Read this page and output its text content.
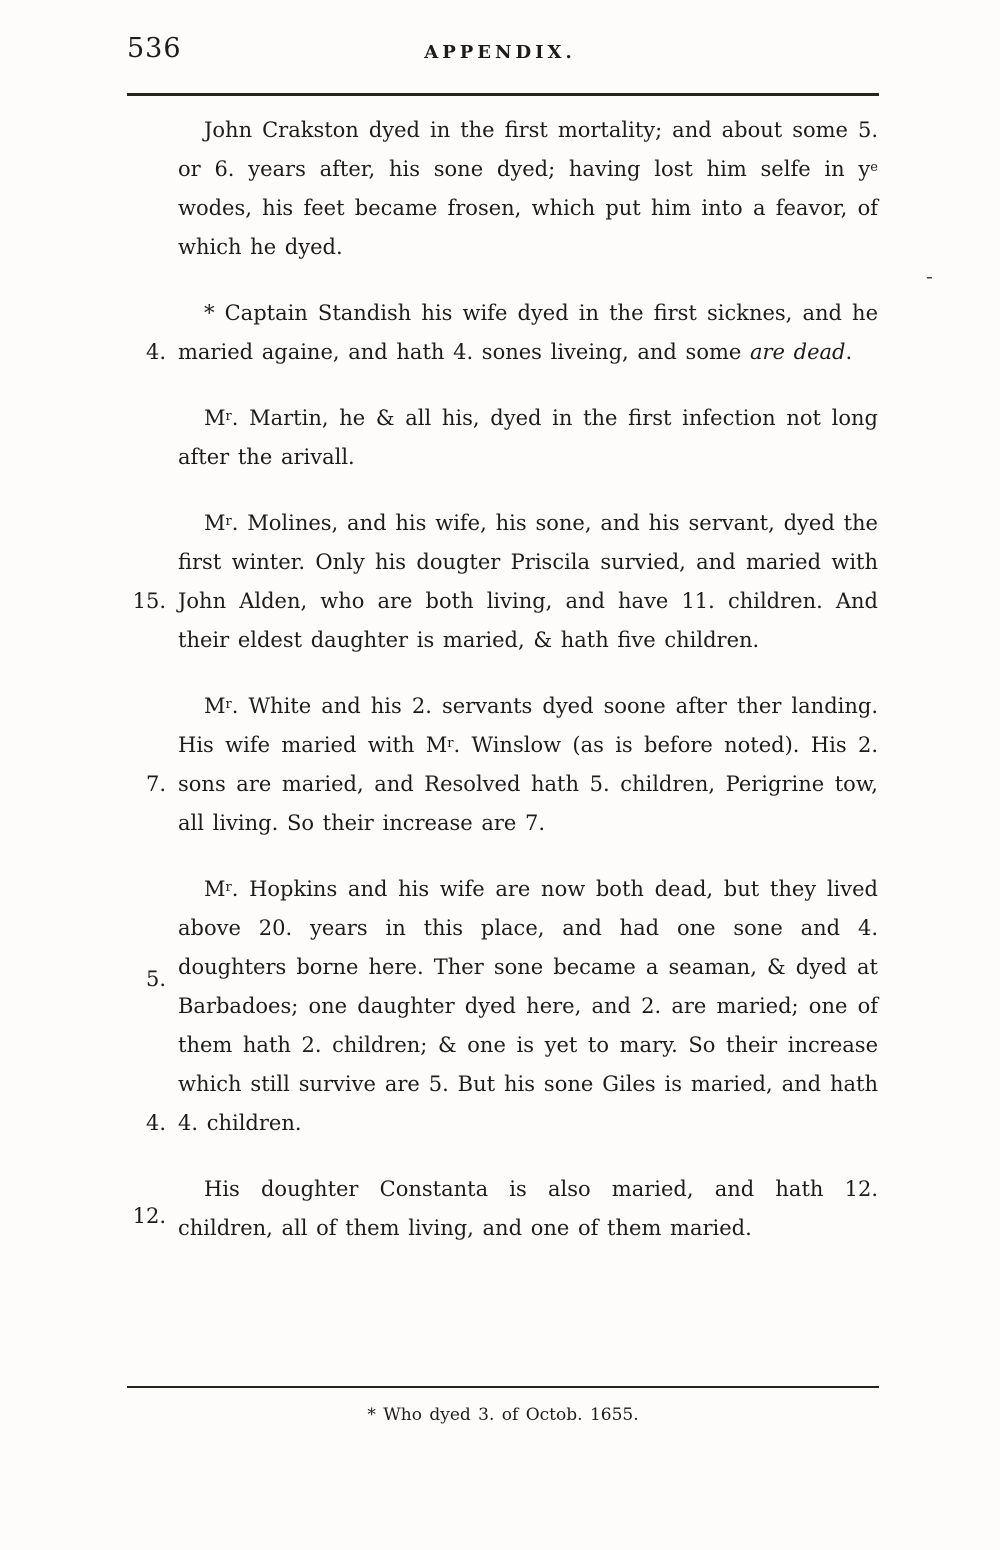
536	APPENDIX.
-

John Crakston dyed in the first mortality; and about some 5. or 6. years after, his sone dyed; having lost him selfe in $y^e$ wodes, his feet became frosen, which put him into a feavor, of which he dyed.

* Captain Standish his wife dyed in the first sicknes, and he maried againe, and hath 4. sones liveing, and some are dead.
4.

$M^r$. Martin, he & all his, dyed in the first infection not long after the arivall.

$M^r$. Molines, and his wife, his sone, and his servant, dyed the first winter. Only his dougter Priscila survied, and maried with John Alden, who are both living, and have 11. children. And their eldest daughter is maried, & hath five children.
15.

$M^r$. White and his 2. servants dyed soone after ther landing. His wife maried with $M^r$. Winslow (as is before noted). His 2. sons are maried, and Resolved hath 5. children, Perigrine tow, all living. So their increase are 7.
7.

$M^r$. Hopkins and his wife are now both dead, but they lived above 20. years in this place, and had one sone and 4. doughters borne here. Ther sone became a seaman, & dyed at Barbadoes; one daughter dyed here, and 2. are maried; one of them hath 2. children; & one is yet to mary. So their increase which still survive are 5. But his sone Giles is maried, and hath 4. children.
5.
4.

His doughter Constanta is also maried, and hath 12. children, all of them living, and one of them maried.
12.

* Who dyed 3. of Octob. 1655.
